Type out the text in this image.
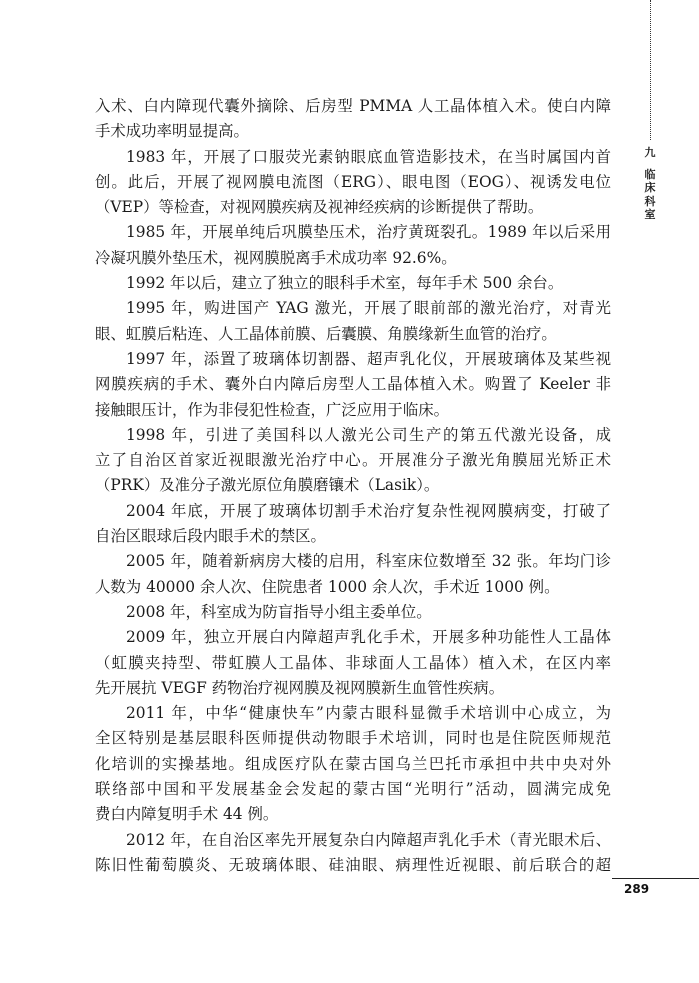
九
临
床
科
室
入术、白内障现代囊外摘除、后房型 PMMA 人工晶体植入术。使白内障
手术成功率明显提高。
1983 年，开展了口服荧光素钠眼底血管造影技术，在当时属国内首
创。此后，开展了视网膜电流图（ERG）、眼电图（EOG）、视诱发电位
（VEP）等检查，对视网膜疾病及视神经疾病的诊断提供了帮助。
1985 年，开展单纯后巩膜垫压术，治疗黄斑裂孔。1989 年以后采用
冷凝巩膜外垫压术，视网膜脱离手术成功率 92.6%。
1992 年以后，建立了独立的眼科手术室，每年手术 500 余台。
1995 年，购进国产 YAG 激光，开展了眼前部的激光治疗，对青光
眼、虹膜后粘连、人工晶体前膜、后囊膜、角膜缘新生血管的治疗。
1997 年，添置了玻璃体切割器、超声乳化仪，开展玻璃体及某些视
网膜疾病的手术、囊外白内障后房型人工晶体植入术。购置了 Keeler 非
接触眼压计，作为非侵犯性检查，广泛应用于临床。
1998 年，引进了美国科以人激光公司生产的第五代激光设备，成
立了自治区首家近视眼激光治疗中心。开展准分子激光角膜屈光矫正术
（PRK）及准分子激光原位角膜磨镶术（Lasik）。
2004 年底，开展了玻璃体切割手术治疗复杂性视网膜病变，打破了
自治区眼球后段内眼手术的禁区。
2005 年，随着新病房大楼的启用，科室床位数增至 32 张。年均门诊
人数为 40000 余人次、住院患者 1000 余人次，手术近 1000 例。
2008 年，科室成为防盲指导小组主委单位。
2009 年，独立开展白内障超声乳化手术，开展多种功能性人工晶体
（虹膜夹持型、带虹膜人工晶体、非球面人工晶体）植入术，在区内率
先开展抗 VEGF 药物治疗视网膜及视网膜新生血管性疾病。
2011 年，中华“健康快车”内蒙古眼科显微手术培训中心成立，为
全区特别是基层眼科医师提供动物眼手术培训，同时也是住院医师规范
化培训的实操基地。组成医疗队在蒙古国乌兰巴托市承担中共中央对外
联络部中国和平发展基金会发起的蒙古国“光明行”活动，圆满完成免
费白内障复明手术 44 例。
2012 年，在自治区率先开展复杂白内障超声乳化手术（青光眼术后、
陈旧性葡萄膜炎、无玻璃体眼、硅油眼、病理性近视眼、前后联合的超
289
